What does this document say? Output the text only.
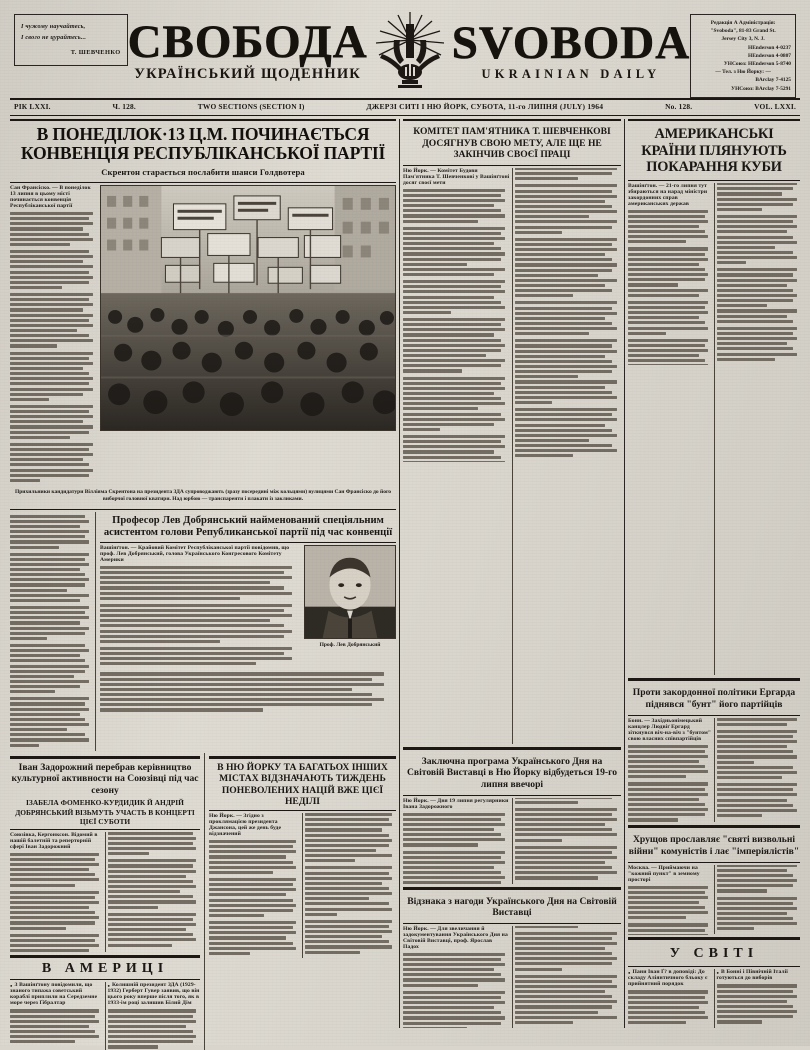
І чужому научайтесь,
І свого не цурайтесь...
Т. ШЕВЧЕНКО СВОБОДА
УКРАЇНСЬКИЙ ЩОДЕННИК
SVOBODA
UKRAINIAN DAILY
Редакція А Адміністрація:
"Svoboda", 81-83 Grand St.
Jersey City 3, N. J.
HEnderson 4-0237
HEnderson 4-0807
УНСоюз: HEnderson 5-8740
— Тел. з Ню Йорку: —
BArclay 7-4125
УНСоюз: BArclay 7-5291
РІК LXXI.	Ч. 128.	TWO SECTIONS (SECTION I)	ДЖЕРЗІ СИТІ І НЮ ЙОРК, СУБОТА, 11-го ЛИПНЯ (JULY) 1964	No. 128.	VOL. LXXI.
В ПОНЕДІЛОК·13 Ц.М. ПОЧИНАЄТЬСЯ КОНВЕНЦІЯ РЕСПУБЛІКАНСЬКОЇ ПАРТІЇ
Скрентон старається послабити шанси Голдвотера
Сан Франсіско. — В понеділок 13 липня в цьому місті починається конвенція Республіканської партії
Прихильники кандидатури Вілліяма Скрентона на президента ЗДА супроводжають (зразу посередині між кольцями) вулицями Сан Франсіско до його виборчої головної кватири. Над юрбою — транспаренти і плакати із закликами.
Професор Лев Добрянський найменований спеціяльним асистентом голови Републиканської партії під час конвенції
Вашінґтон. — Крайовий Комітет Республіканської партії повідомив, що проф. Лев Добрянський, голова Українського Конгресового Комітету Америки
Проф. Лев Добрянський
Іван Задорожний перебрав керівництво культурної активности на Союзівці під час сезону
ІЗАБЕЛА ФОМЕНКО-КУРДИДИК Й АНДРІЙ ДОБРЯНСЬКИЙ ВІЗЬМУТЬ УЧАСТЬ В КОНЦЕРТІ ЦІЄЇ СУБОТИ
Союзівка, Кергонксон. Відомий в нашій балетній та реперторній сфері Іван Задорожний
В АМЕРИЦІ
● З Вашінґтону повідомили, що знаного типажа советський кораблі приплили на Середземне море через Ґібралтар
● Колишній президент ЗДА (1929-1932) Герберт Гувер заявив, що він цього року вперше після того, як в 1933-ім році залишив Білий Дім
В НЮ ЙОРКУ ТА БАГАТЬОХ ІНШИХ МІСТАХ ВІДЗНАЧАЮТЬ ТИЖДЕНЬ ПОНЕВОЛЕНИХ НАЦІЙ ВЖЕ ЦІЄЇ НЕДІЛІ
Ню Йорк. — Згідно з проклямацією президента Джансона, цей же день буде відзначений
КОМІТЕТ ПАМ'ЯТНИКА Т. ШЕВЧЕНКОВІ ДОСЯГНУВ СВОЮ МЕТУ, АЛЕ ЩЕ НЕ ЗАКІНЧИВ СВОЄЇ ПРАЦІ
Ню Йорк. — Комітет Будови Пам'ятника Т. Шевченкові у Вашінґтоні досяг своєї мети
Заключна програма Українського Дня на Світовій Виставці в Ню Йорку відбудеться 19-го липня ввечорі
Ню Йорк. — Дня 19 липня регулярники Івана Задорожного
Відзнака з нагоди Українського Дня на Світовій Виставці
Ню Йорк. — Для звеличання й задокументування Українського Дня на Світовій Виставці, проф. Ярослав Падох
АМЕРИКАНСЬКІ КРАЇНИ ПЛЯНУЮТЬ ПОКАРАННЯ КУБИ
Вашінґтон. — 21-го липня тут збираються на нарад міністри закордонних справ американських держав
Проти закордонної політики Ергарда піднявся "бунт" його партійців
Бонн. — Західньонімецький канцлер Людвіґ Ергард зіткнувся віч-на-віч з "бунтом" свою власних співпартійців
Хрущов прославляє "святі визвольні війни" комуністів і лає "імперіялістів"
Москва. — Приймаючи на "кожний пункт" в земному просторі
У СВІТІ
● Пани Іван Ґ? в доповіді: До складу Аліянтичного бльоку є прийнятний порядок
● В Бонні і Північній Італії готуються до виборів
